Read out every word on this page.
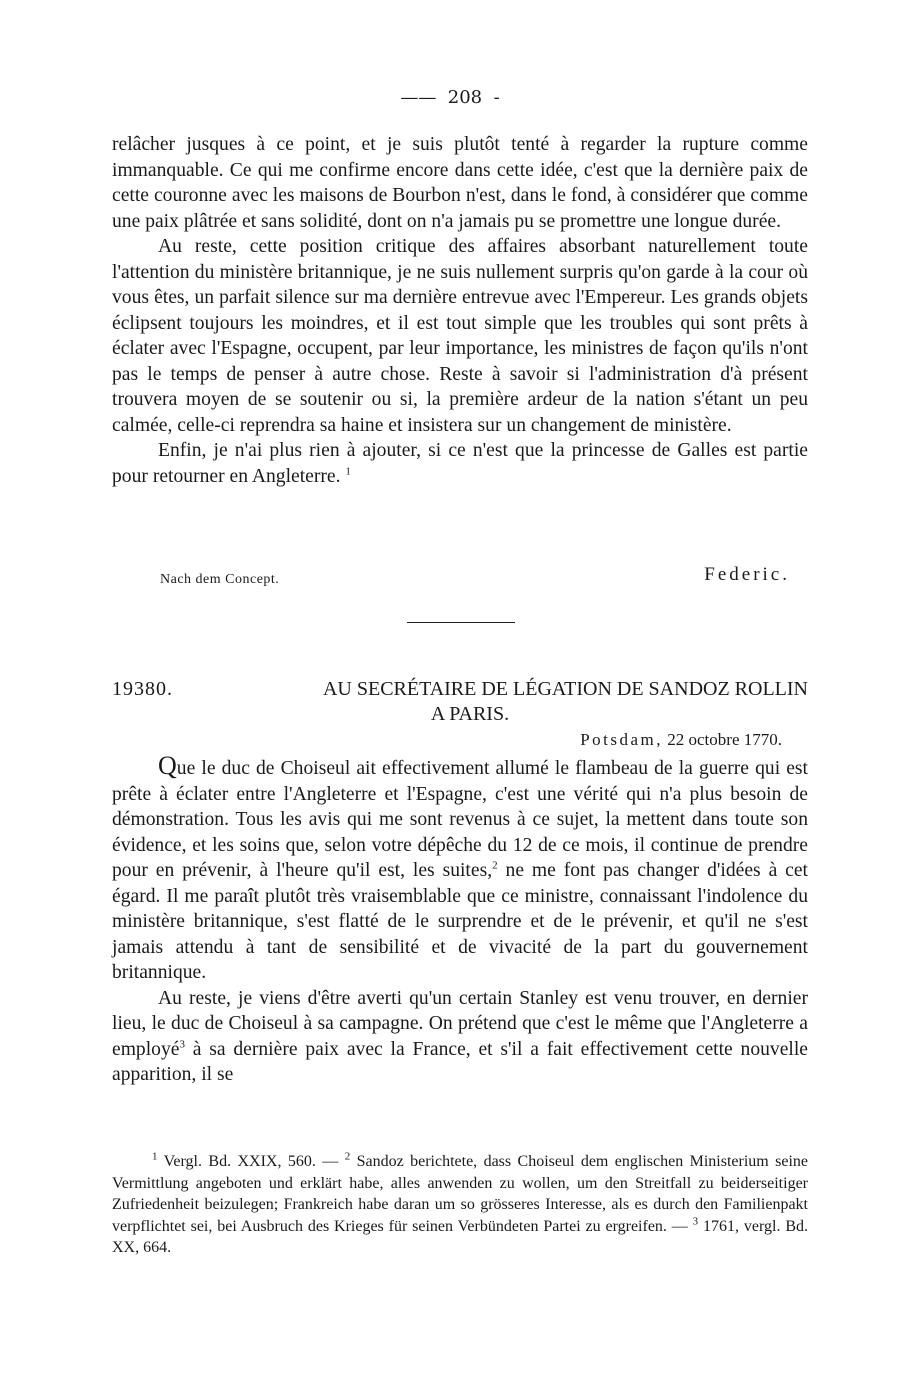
—— 208 -

relâcher jusques à ce point, et je suis plutôt tenté à regarder la rupture comme immanquable. Ce qui me confirme encore dans cette idée, c'est que la dernière paix de cette couronne avec les maisons de Bourbon n'est, dans le fond, à considérer que comme une paix plâtrée et sans solidité, dont on n'a jamais pu se promettre une longue durée.

Au reste, cette position critique des affaires absorbant naturellement toute l'attention du ministère britannique, je ne suis nullement surpris qu'on garde à la cour où vous êtes, un parfait silence sur ma dernière entrevue avec l'Empereur. Les grands objets éclipsent toujours les moindres, et il est tout simple que les troubles qui sont prêts à éclater avec l'Espagne, occupent, par leur importance, les ministres de façon qu'ils n'ont pas le temps de penser à autre chose. Reste à savoir si l'administration d'à présent trouvera moyen de se soutenir ou si, la première ardeur de la nation s'étant un peu calmée, celle-ci reprendra sa haine et insistera sur un changement de ministère.

Enfin, je n'ai plus rien à ajouter, si ce n'est que la princesse de Galles est partie pour retourner en Angleterre. $^1$

Nach dem Concept.	Federic.
19380.	AU SECRÉTAIRE DE LÉGATION DE SANDOZ ROLLIN
A PARIS.
Potsdam, 22 octobre 1770.

Que le duc de Choiseul ait effectivement allumé le flambeau de la guerre qui est prête à éclater entre l'Angleterre et l'Espagne, c'est une vérité qui n'a plus besoin de démonstration. Tous les avis qui me sont revenus à ce sujet, la mettent dans toute son évidence, et les soins que, selon votre dépêche du 12 de ce mois, il continue de prendre pour en prévenir, à l'heure qu'il est, les suites,$^2$ ne me font pas changer d'idées à cet égard. Il me paraît plutôt très vraisemblable que ce ministre, connaissant l'indolence du ministère britannique, s'est flatté de le surprendre et de le prévenir, et qu'il ne s'est jamais attendu à tant de sensibilité et de vivacité de la part du gouvernement britannique.

Au reste, je viens d'être averti qu'un certain Stanley est venu trouver, en dernier lieu, le duc de Choiseul à sa campagne. On prétend que c'est le même que l'Angleterre a employé$^3$ à sa dernière paix avec la France, et s'il a fait effectivement cette nouvelle apparition, il se

$^1$ Vergl. Bd. XXIX, 560. — $^2$ Sandoz berichtete, dass Choiseul dem englischen Ministerium seine Vermittlung angeboten und erklärt habe, alles anwenden zu wollen, um den Streitfall zu beiderseitiger Zufriedenheit beizulegen; Frankreich habe daran um so grösseres Interesse, als es durch den Familienpakt verpflichtet sei, bei Ausbruch des Krieges für seinen Verbündeten Partei zu ergreifen. — $^3$ 1761, vergl. Bd. XX, 664.
